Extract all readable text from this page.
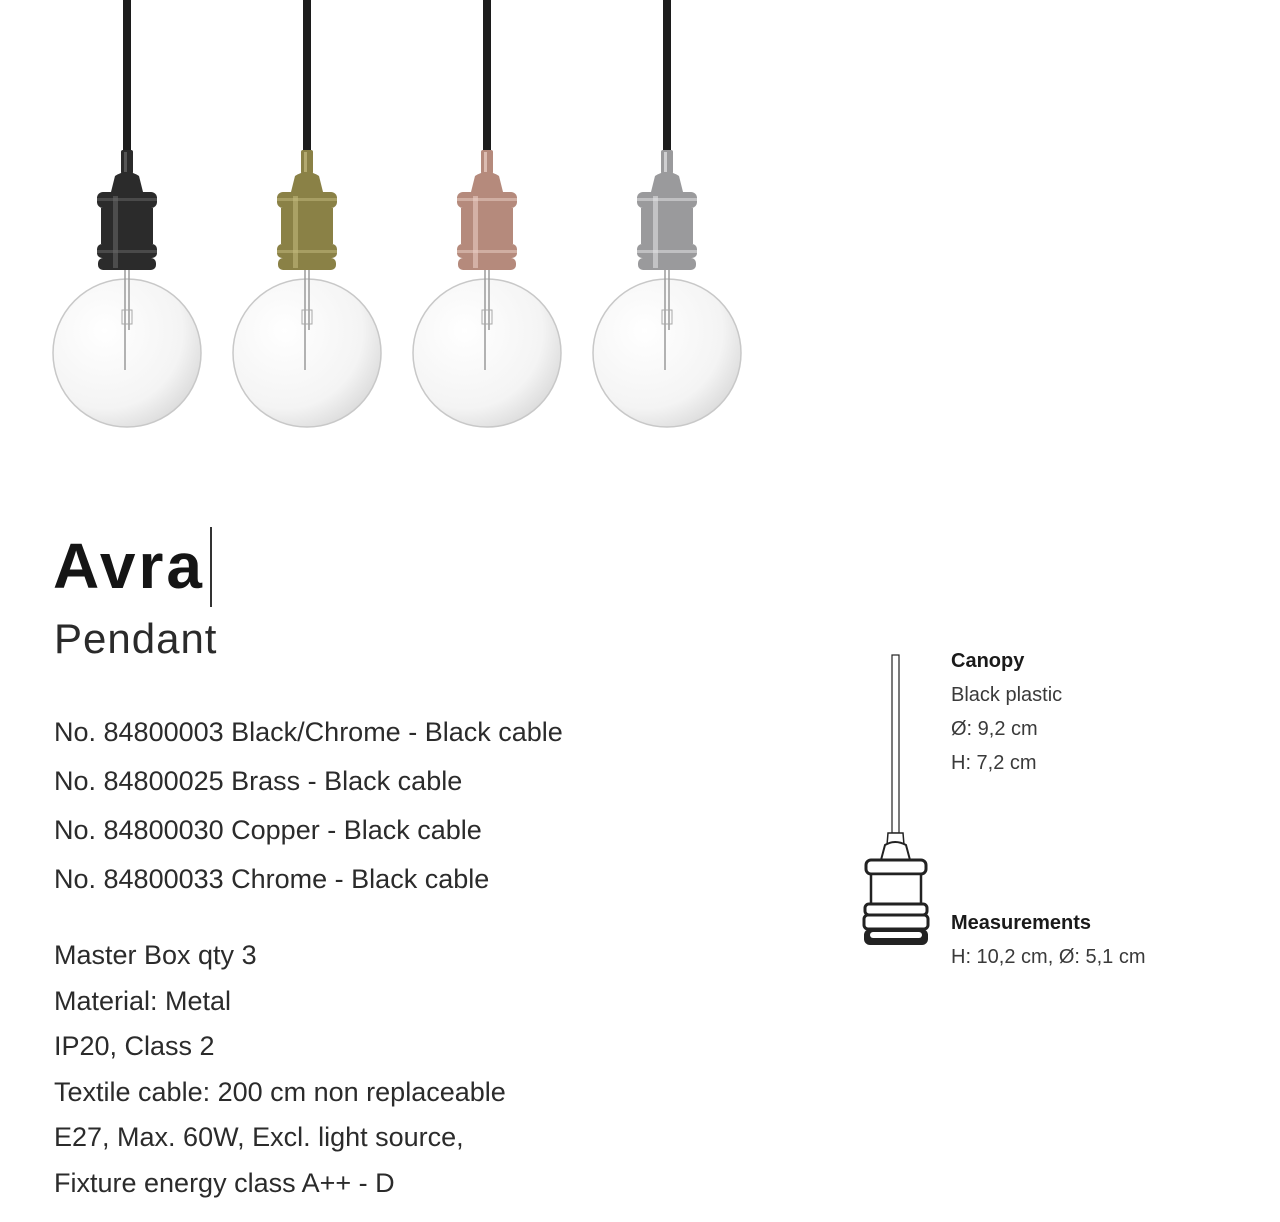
Avra
Pendant
No. 84800003 Black/Chrome - Black cable
No. 84800025 Brass - Black cable
No. 84800030 Copper - Black cable
No. 84800033 Chrome - Black cable
Master Box qty 3
Material: Metal
IP20, Class 2
Textile cable: 200 cm non replaceable
E27, Max. 60W, Excl. light source,
Fixture energy class A++ - D
Canopy
Black plastic
Ø: 9,2 cm
H: 7,2 cm
Measurements
H: 10,2 cm, Ø: 5,1 cm
